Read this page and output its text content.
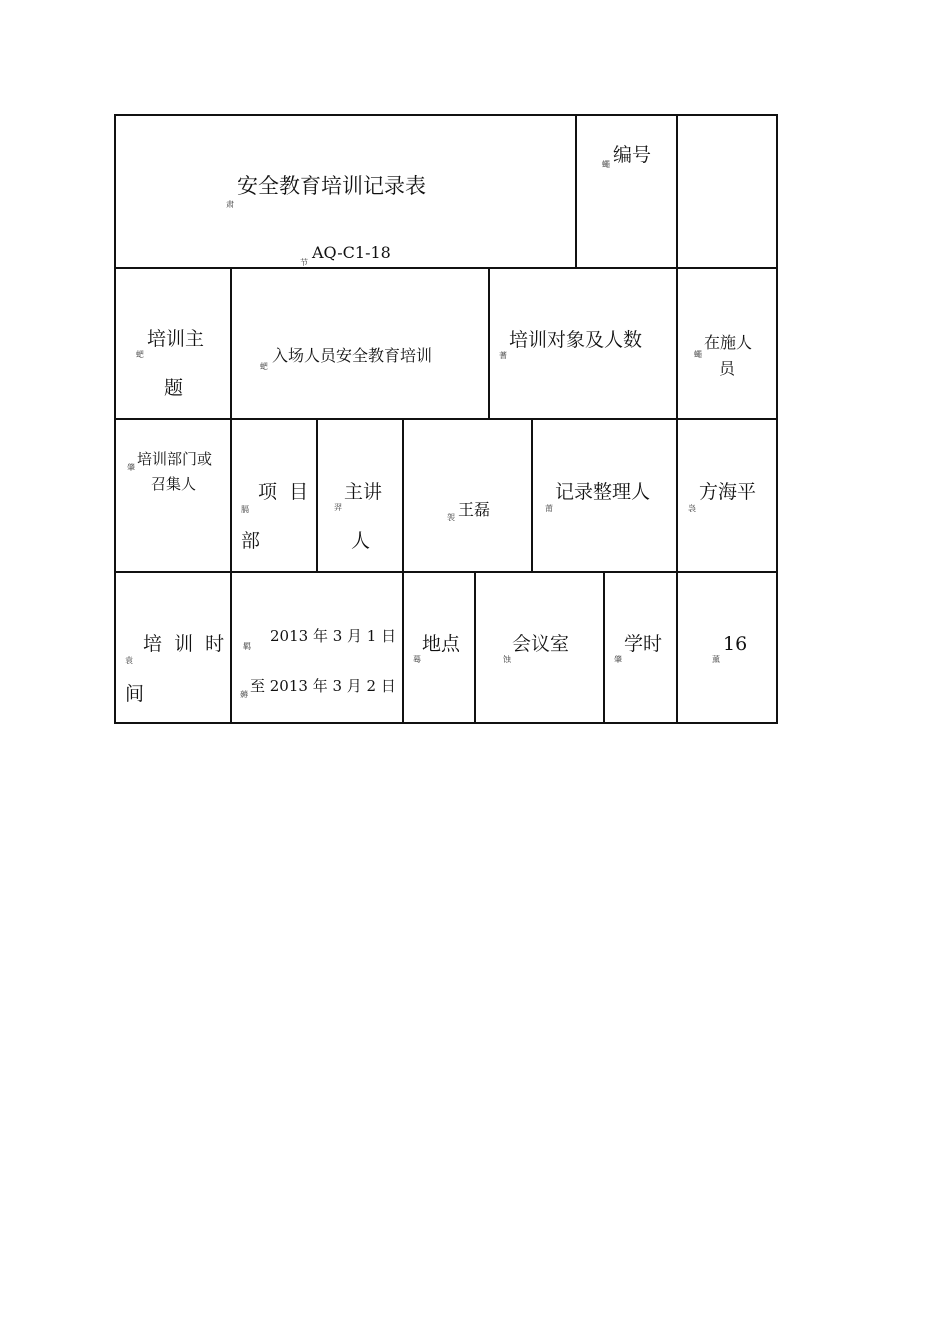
安全教育培训记录表
肃
AQ-C1-18
节
编号
蠅
培训主
题
蚆	入场人员安全教育培训
蚆
培训对象及人数
蓍
在施人
员
蠅
培训部门或
召集人
肇
项  目
部
膈
主讲
人
羿	王磊
袈
记录整理人
莆
方海平
袅
培  训  时
间
袁
2013 年 3 月 1 日
羁
至 2013 年 3 月 2 日
薅
地点
蓦
会议室
蚀
学时
肇
16
薰
